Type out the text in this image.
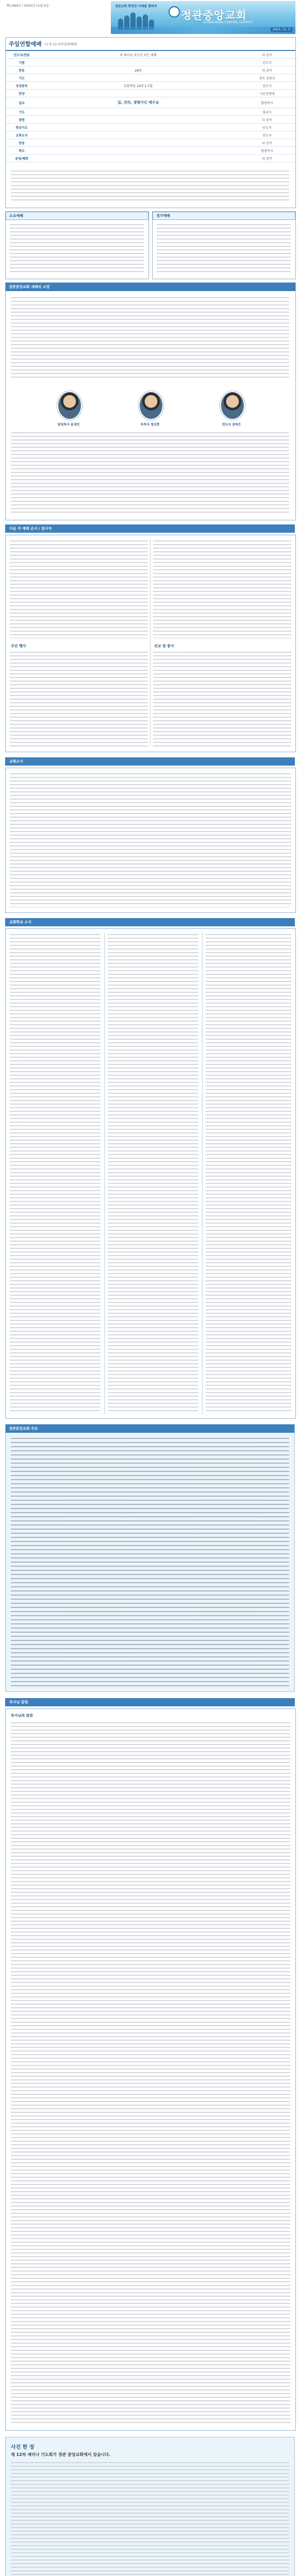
제1,994호 / 2023년 11월 5일	정관교회 희망찬 미래를 향하여
정관중앙교회
JEONGGWAN CENTRAL CHURCH
2023. 11. 5
주일연합예배 (오전 11시/주일대예배)
인도자/찬송	주 하나님 지으신 모든 세계	다 같이
기원	인도자
찬송	28장	다 같이
기도	장로 김원규
성경봉독	요한복음 14장 1-7절	인도자
찬양	시온찬양대
설교	길, 진리, 생명이신 예수님	담임목사
기도	설교자
봉헌	다 같이
헌금기도	인도자
교회소식	인도자
찬송	다 같이
축도	담임목사
송영/폐회	다 같이
소요예배	정기예배
정관중앙교회 새해의 소망
담임목사 윤성민	부목사 정요한	전도사 김하은
다음 주 예배 순서 / 봉사자
주간 행사	선교 및 봉사
교회소식
교회학교 소식
정관중앙교회 주보
목사님 칼럼
목사님의 말씀
사진 한 장
제 12차 세미나 기도회가 정관 중앙교회에서 있습니다.
